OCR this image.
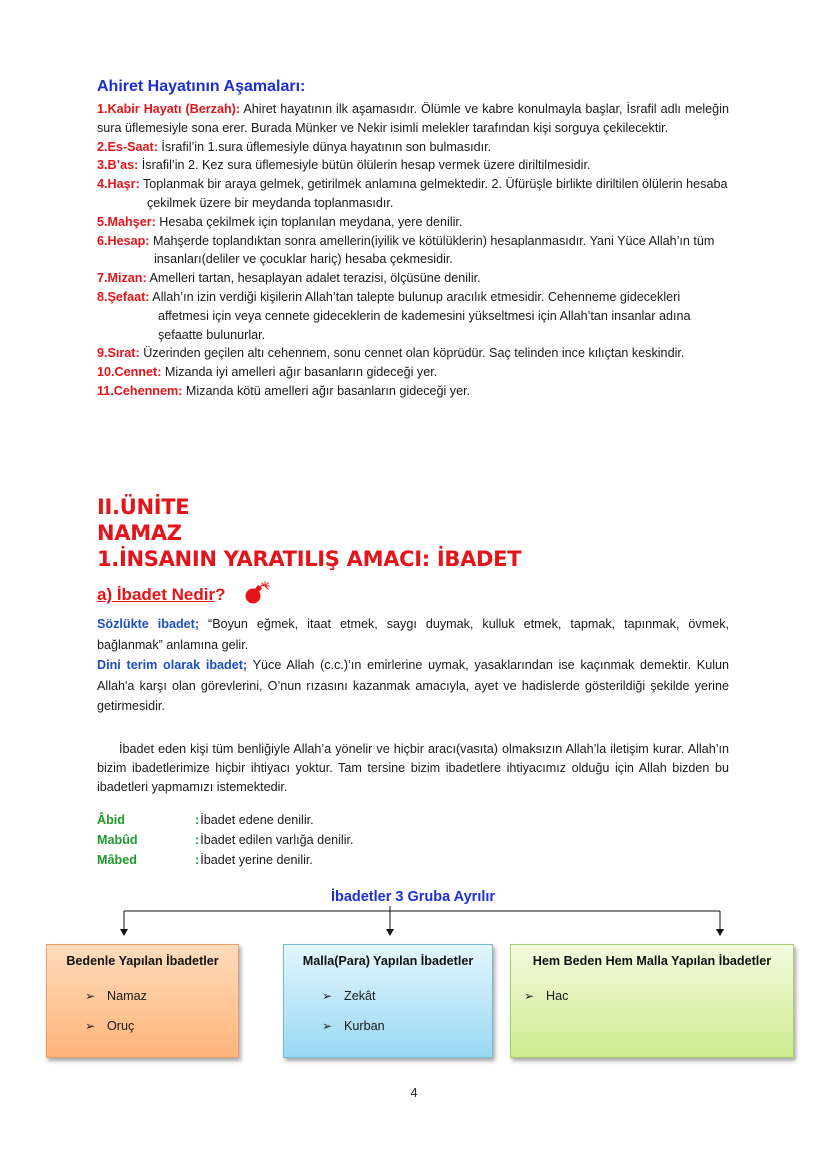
Ahiret Hayatının Aşamaları:

1.Kabir Hayatı (Berzah): Ahiret hayatının ilk aşamasıdır. Ölümle ve kabre konulmayla başlar, İsrafil adlı meleğin sura üflemesiyle sona erer. Burada Münker ve Nekir isimli melekler tarafından kişi sorguya çekilecektir.

2.Es-Saat: İsrafil’in 1.sura üflemesiyle dünya hayatının son bulmasıdır.

3.B’as: İsrafil’in 2. Kez sura üflemesiyle bütün ölülerin hesap vermek üzere diriltilmesidir.

4.Haşr: Toplanmak bir araya gelmek, getirilmek anlamına gelmektedir. 2. Üfürüşle birlikte diriltilen ölülerin hesaba çekilmek üzere bir meydanda toplanmasıdır.

5.Mahşer: Hesaba çekilmek için toplanılan meydana, yere denilir.

6.Hesap: Mahşerde toplandıktan sonra amellerin(iyilik ve kötülüklerin) hesaplanmasıdır. Yani Yüce Allah’ın tüm insanları(deliler ve çocuklar hariç) hesaba çekmesidir.

7.Mizan: Amelleri tartan, hesaplayan adalet terazisi, ölçüsüne denilir.

8.Şefaat: Allah’ın izin verdiği kişilerin Allah’tan talepte bulunup aracılık etmesidir. Cehenneme gidecekleri affetmesi için veya cennete gideceklerin de kademesini yükseltmesi için Allah’tan insanlar adına şefaatte bulunurlar.

9.Sırat: Üzerinden geçilen altı cehennem, sonu cennet olan köprüdür. Saç telinden ince kılıçtan keskindir.

10.Cennet: Mizanda iyi amelleri ağır basanların gideceği yer.

11.Cehennem: Mizanda kötü amelleri ağır basanların gideceği yer.

II.ÜNİTE
NAMAZ
1.İNSANIN YARATILIŞ AMACI: İBADET
a) İbadet Nedir?

Sözlükte ibadet; “Boyun eğmek, itaat etmek, saygı duymak, kulluk etmek, tapmak, tapınmak, övmek, bağlanmak” anlamına gelir.

Dini terim olarak ibadet; Yüce Allah (c.c.)’ın emirlerine uymak, yasaklarından ise kaçınmak demektir. Kulun Allah'a karşı olan görevlerini, O’nun rızasını kazanmak amacıyla, ayet ve hadislerde gösterildiği şekilde yerine getirmesidir.

İbadet eden kişi tüm benliğiyle Allah’a yönelir ve hiçbir aracı(vasıta) olmaksızın Allah’la iletişim kurar. Allah’ın bizim ibadetlerimize hiçbir ihtiyacı yoktur. Tam tersine bizim ibadetlere ihtiyacımız olduğu için Allah bizden bu ibadetleri yapmamızı istemektedir.

Âbid	: İbadet edene denilir.
Mabûd	: İbadet edilen varlığa denilir.
Mâbed	: İbadet yerine denilir.
İbadetler 3 Gruba Ayrılır
Bedenle Yapılan İbadetler
➢ Namaz
➢ Oruç
Malla(Para) Yapılan İbadetler
➢ Zekât
➢ Kurban
Hem Beden Hem Malla Yapılan İbadetler
➢ Hac
4
